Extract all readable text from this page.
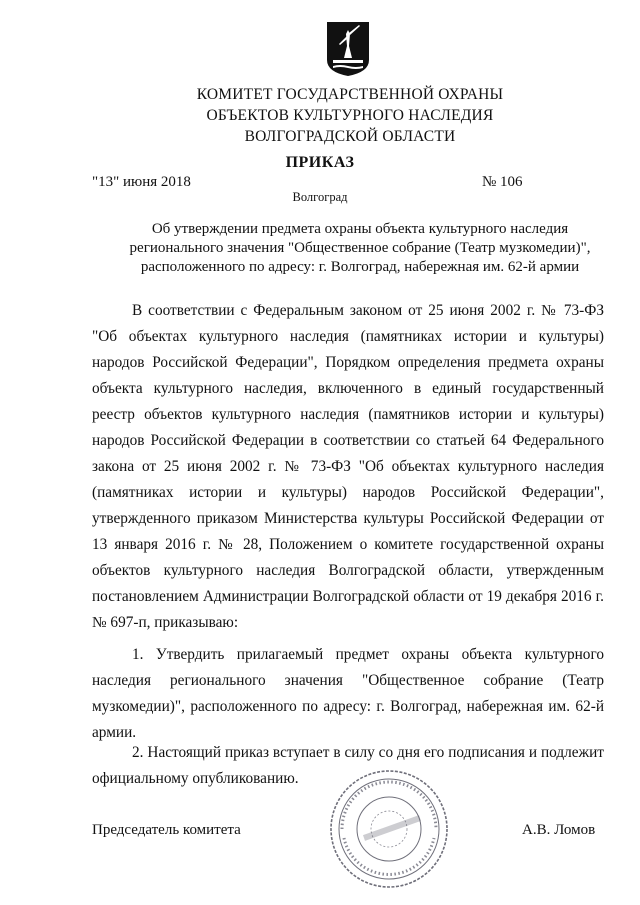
КОМИТЕТ ГОСУДАРСТВЕННОЙ ОХРАНЫ
ОБЪЕКТОВ КУЛЬТУРНОГО НАСЛЕДИЯ
ВОЛГОГРАДСКОЙ ОБЛАСТИ
ПРИКАЗ
"13" июня 2018	№ 106
Волгоград
Об утверждении предмета охраны объекта культурного наследия
регионального значения "Общественное собрание (Театр музкомедии)",
расположенного по адресу: г. Волгоград, набережная им. 62-й армии

В соответствии с Федеральным законом от 25 июня 2002 г. № 73-ФЗ "Об объектах культурного наследия (памятниках истории и культуры) народов Российской Федерации", Порядком определения предмета охраны объекта культурного наследия, включенного в единый государственный реестр объектов культурного наследия (памятников истории и культуры) народов Российской Федерации в соответствии со статьей 64 Федерального закона от 25 июня 2002 г. № 73-ФЗ "Об объектах культурного наследия (памятниках истории и культуры) народов Российской Федерации", утвержденного приказом Министерства культуры Российской Федерации от 13 января 2016 г. № 28, Положением о комитете государственной охраны объектов культурного наследия Волгоградской области, утвержденным постановлением Администрации Волгоградской области от 19 декабря 2016 г. № 697-п, приказываю:

1. Утвердить прилагаемый предмет охраны объекта культурного наследия регионального значения "Общественное собрание (Театр музкомедии)", расположенного по адресу: г. Волгоград, набережная им. 62-й армии.

2. Настоящий приказ вступает в силу со дня его подписания и подлежит официальному опубликованию.

Председатель комитета	А.В. Ломов
